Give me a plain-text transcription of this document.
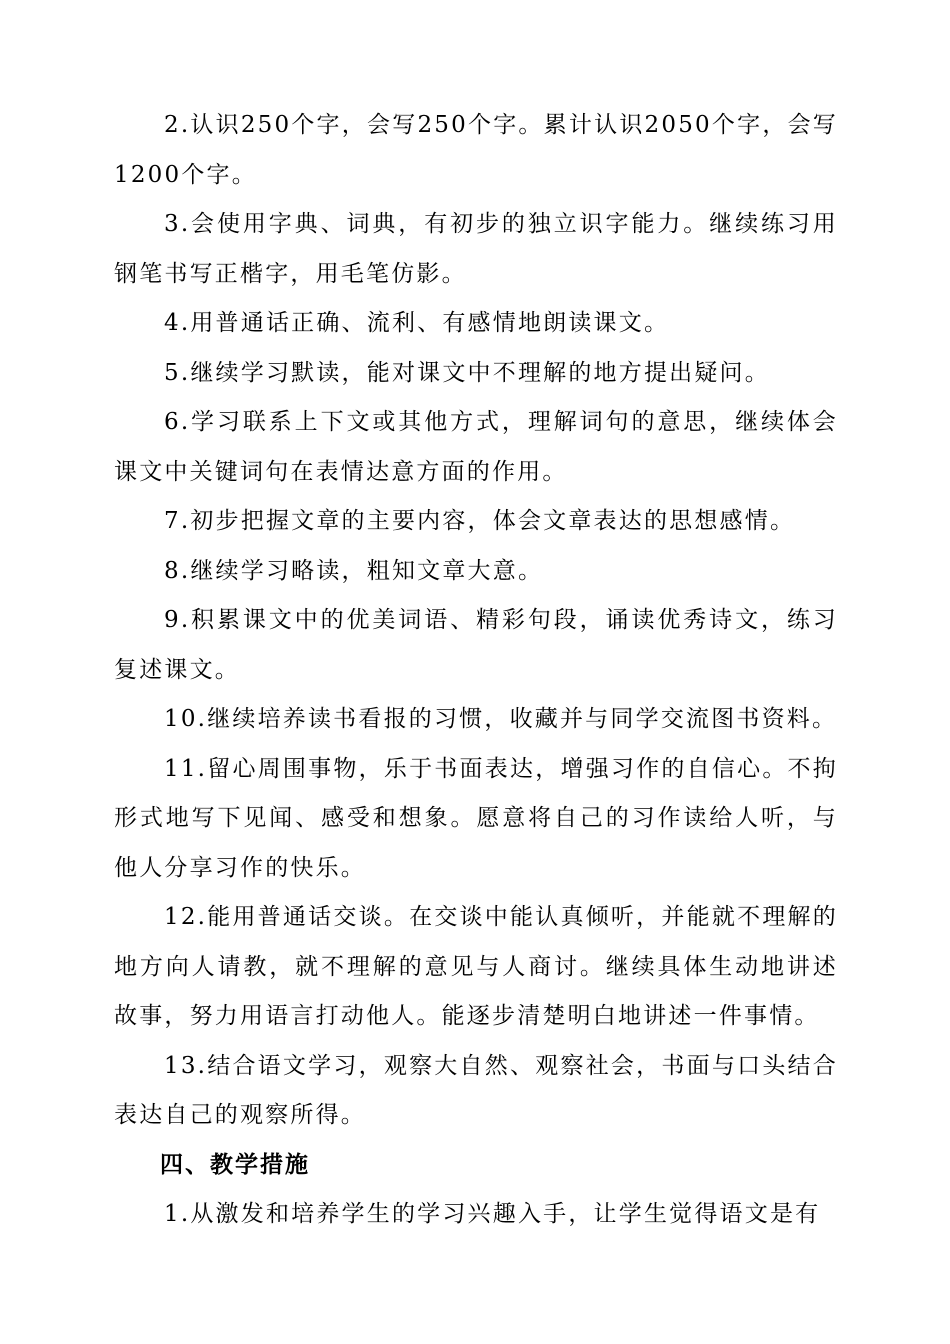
2.认识250个字，会写250个字。累计认识2050个字，会写1200个字。

3.会使用字典、词典，有初步的独立识字能力。继续练习用钢笔书写正楷字，用毛笔仿影。

4.用普通话正确、流利、有感情地朗读课文。

5.继续学习默读，能对课文中不理解的地方提出疑问。

6.学习联系上下文或其他方式，理解词句的意思，继续体会课文中关键词句在表情达意方面的作用。

7.初步把握文章的主要内容，体会文章表达的思想感情。

8.继续学习略读，粗知文章大意。

9.积累课文中的优美词语、精彩句段，诵读优秀诗文，练习复述课文。

10.继续培养读书看报的习惯，收藏并与同学交流图书资料。

11.留心周围事物，乐于书面表达，增强习作的自信心。不拘形式地写下见闻、感受和想象。愿意将自己的习作读给人听，与他人分享习作的快乐。

12.能用普通话交谈。在交谈中能认真倾听，并能就不理解的地方向人请教，就不理解的意见与人商讨。继续具体生动地讲述故事，努力用语言打动他人。能逐步清楚明白地讲述一件事情。

13.结合语文学习，观察大自然、观察社会，书面与口头结合表达自己的观察所得。

四、教学措施

1.从激发和培养学生的学习兴趣入手，让学生觉得语文是有
